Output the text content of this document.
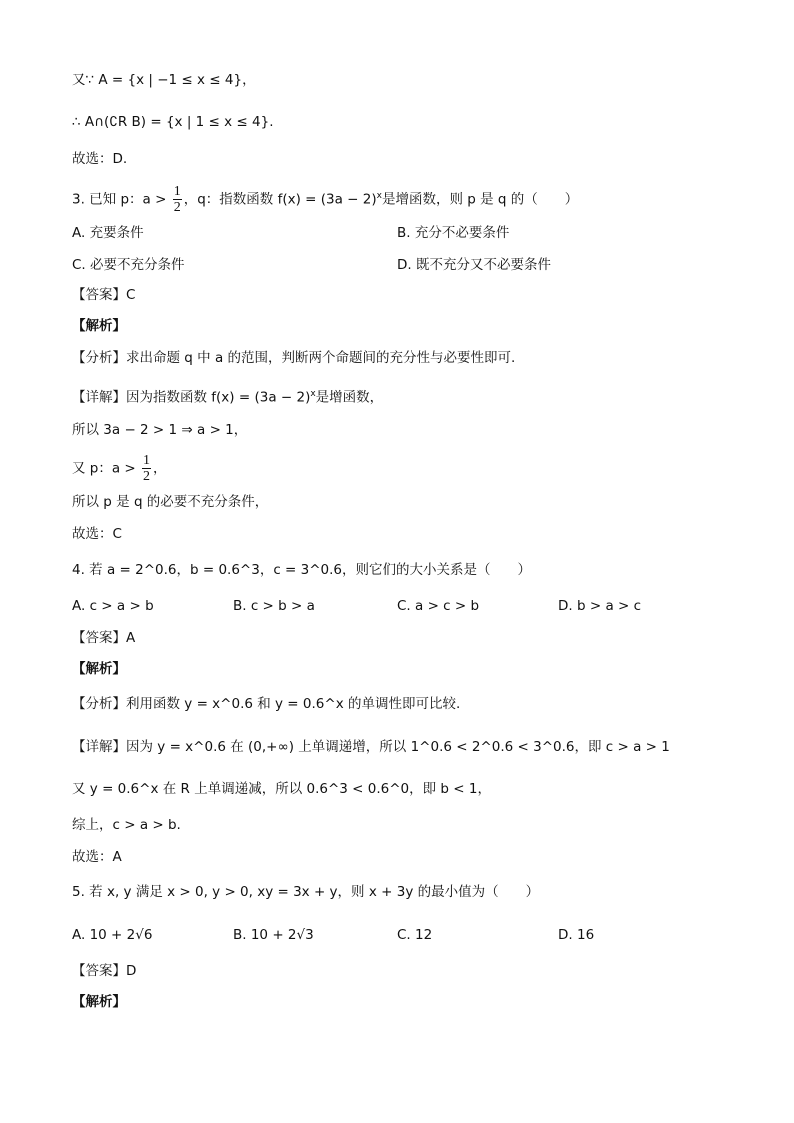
又∵ A = {x | −1 ≤ x ≤ 4}，
∴ A∩(∁R B) = {x | 1 ≤ x ≤ 4}.
故选：D.
3. 已知 p：$a > \frac{1}{2}$ ，q：指数函数 $f(x) = (3a - 2)^x$是增函数，则 p 是 q 的（　　）
A. 充要条件	B. 充分不必要条件
C. 必要不充分条件	D. 既不充分又不必要条件
【答案】C
【解析】
【分析】求出命题 q 中 a 的范围，判断两个命题间的充分性与必要性即可.
【详解】因为指数函数 $f(x) = (3a - 2)^x$是增函数，
所以 3a − 2 > 1 ⇒ a > 1，
又 p：$a > \frac{1}{2}$ ，
所以 p 是 q 的必要不充分条件，
故选：C
4. 若 a = 2^0.6，b = 0.6^3，c = 3^0.6，则它们的大小关系是（　　）
A. c > a > b	B. c > b > a	C. a > c > b	D. b > a > c
【答案】A
【解析】
【分析】利用函数 y = x^0.6 和 y = 0.6^x 的单调性即可比较.
【详解】因为 y = x^0.6 在 (0,+∞) 上单调递增，所以 1^0.6 < 2^0.6 < 3^0.6，即 c > a > 1
又 y = 0.6^x 在 R 上单调递减，所以 0.6^3 < 0.6^0，即 b < 1，
综上，c > a > b.
故选：A
5. 若 x, y 满足 x > 0, y > 0, xy = 3x + y，则 x + 3y 的最小值为（　　）
A. 10 + 2√6	B. 10 + 2√3	C. 12	D. 16
【答案】D
【解析】
